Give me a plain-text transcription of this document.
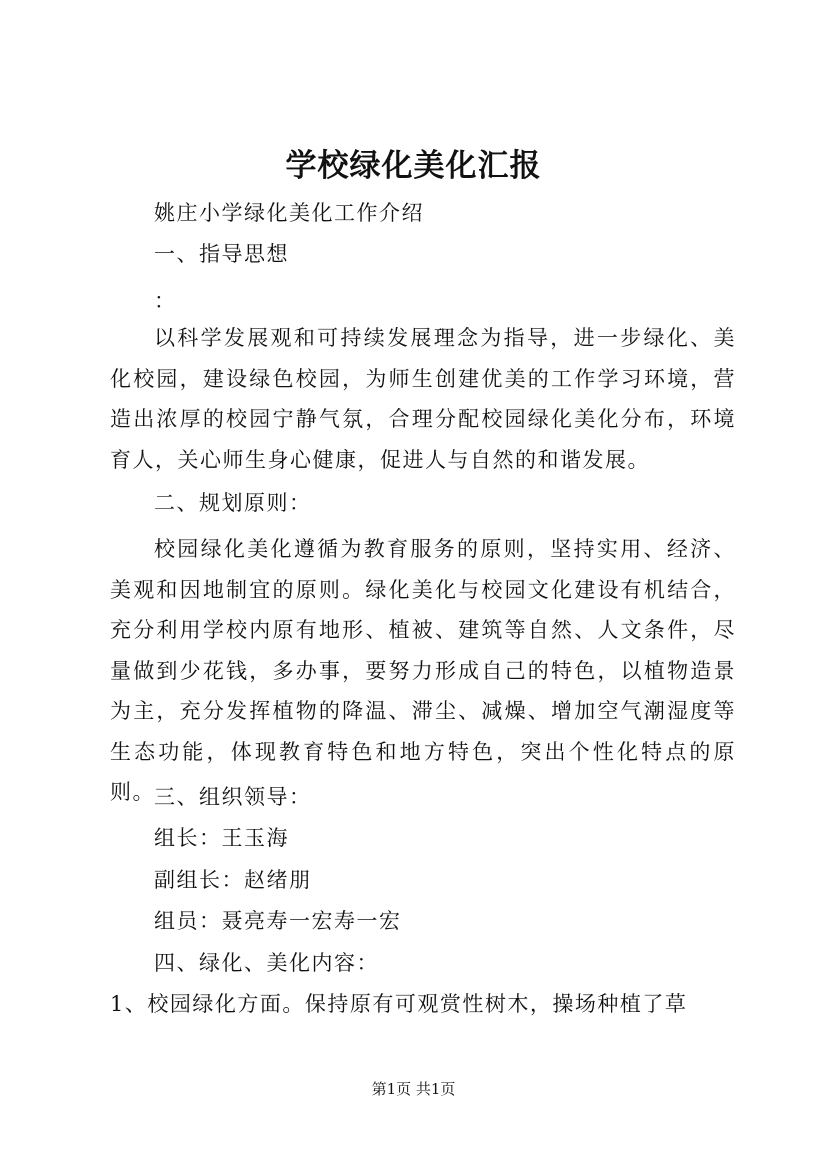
学校绿化美化汇报
姚庄小学绿化美化工作介绍
一、指导思想
：
以科学发展观和可持续发展理念为指导，进一步绿化、美化校园，建设绿色校园，为师生创建优美的工作学习环境，营造出浓厚的校园宁静气氛，合理分配校园绿化美化分布，环境育人，关心师生身心健康，促进人与自然的和谐发展。
二、规划原则：
校园绿化美化遵循为教育服务的原则，坚持实用、经济、美观和因地制宜的原则。绿化美化与校园文化建设有机结合，充分利用学校内原有地形、植被、建筑等自然、人文条件，尽量做到少花钱，多办事，要努力形成自己的特色，以植物造景为主，充分发挥植物的降温、滞尘、减燥、增加空气潮湿度等生态功能，体现教育特色和地方特色，突出个性化特点的原则。 三、组织领导：
组长：王玉海
副组长：赵绪朋
组员：聂亮寿一宏寿一宏
四、绿化、美化内容：
1、校园绿化方面。保持原有可观赏性树木，操场种植了草
第1页 共1页
